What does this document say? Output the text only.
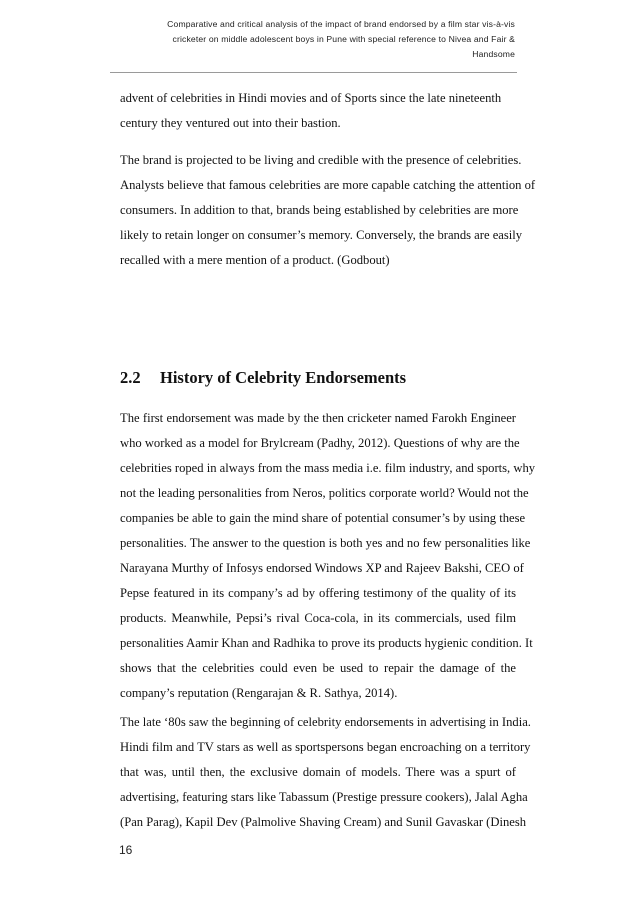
Comparative and critical analysis of the impact of brand endorsed by a film star vis-à-vis
cricketer on middle adolescent boys in Pune with special reference to Nivea and Fair &
Handsome

advent of celebrities in Hindi movies and of Sports since the late nineteenth
century they ventured out into their bastion.

The brand is projected to be living and credible with the presence of celebrities.
Analysts believe that famous celebrities are more capable catching the attention of
consumers. In addition to that, brands being established by celebrities are more
likely to retain longer on consumer’s memory. Conversely, the brands are easily
recalled with a mere mention of a product. (Godbout)

2.2 History of Celebrity Endorsements

The first endorsement was made by the then cricketer named Farokh Engineer
who worked as a model for Brylcream (Padhy, 2012). Questions of why are the
celebrities roped in always from the mass media i.e. film industry, and sports, why
not the leading personalities from Neros, politics corporate world? Would not the
companies be able to gain the mind share of potential consumer’s by using these
personalities. The answer to the question is both yes and no few personalities like
Narayana Murthy of Infosys endorsed Windows XP and Rajeev Bakshi, CEO of
Pepse featured in its company’s ad by offering testimony of the quality of its
products. Meanwhile, Pepsi’s rival Coca-cola, in its commercials, used film
personalities Aamir Khan and Radhika to prove its products hygienic condition. It
shows that the celebrities could even be used to repair the damage of the
company’s reputation (Rengarajan & R. Sathya, 2014).

The late ‘80s saw the beginning of celebrity endorsements in advertising in India.
Hindi film and TV stars as well as sportspersons began encroaching on a territory
that was, until then, the exclusive domain of models. There was a spurt of
advertising, featuring stars like Tabassum (Prestige pressure cookers), Jalal Agha
(Pan Parag), Kapil Dev (Palmolive Shaving Cream) and Sunil Gavaskar (Dinesh

16
